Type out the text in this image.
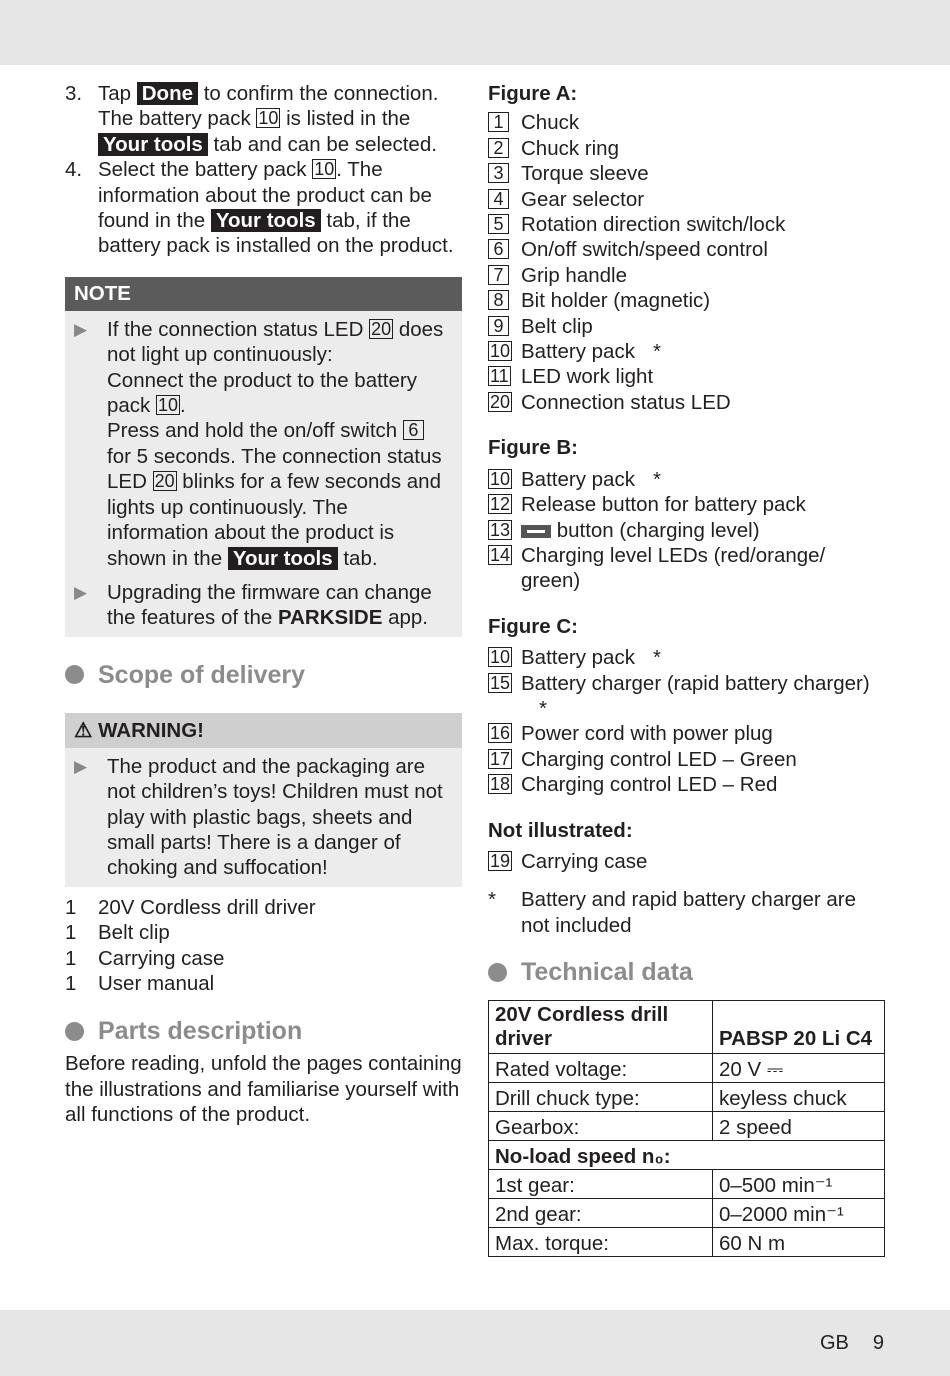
3. Tap Done to confirm the connection. The battery pack 10 is listed in the Your tools tab and can be selected.
4. Select the battery pack 10. The information about the product can be found in the Your tools tab, if the battery pack is installed on the product.
NOTE
▶ If the connection status LED 20 does not light up continuously:
Connect the product to the battery pack 10.
Press and hold the on/off switch 6 for 5 seconds. The connection status LED 20 blinks for a few seconds and lights up continuously. The information about the product is shown in the Your tools tab.
▶ Upgrading the firmware can change the features of the PARKSIDE app.
Scope of delivery
⚠ WARNING!
▶ The product and the packaging are not children’s toys! Children must not play with plastic bags, sheets and small parts! There is a danger of choking and suffocation!
1	20V Cordless drill driver
1	Belt clip
1	Carrying case
1	User manual
Parts description
Before reading, unfold the pages containing the illustrations and familiarise yourself with all functions of the product.
Figure A:
1 Chuck
2 Chuck ring
3 Torque sleeve
4 Gear selector
5 Rotation direction switch/lock
6 On/off switch/speed control
7 Grip handle
8 Bit holder (magnetic)
9 Belt clip
10 Battery pack *
11 LED work light
20 Connection status LED
Figure B:
10 Battery pack *
12 Release button for battery pack
13	button (charging level)
14 Charging level LEDs (red/orange/ green)
Figure C:
10 Battery pack *
15 Battery charger (rapid battery charger)*
16 Power cord with power plug
17 Charging control LED – Green
18 Charging control LED – Red
Not illustrated:
19 Carrying case
*	Battery and rapid battery charger are not included
Technical data
20V Cordless drill driver	PABSP 20 Li C4
Rated voltage:	20 V ⎓
Drill chuck type:	keyless chuck
Gearbox:	2 speed
No-load speed n₀:	
1st gear:	0–500 min⁻¹
2nd gear:	0–2000 min⁻¹
Max. torque:	60 N m
GB 9
